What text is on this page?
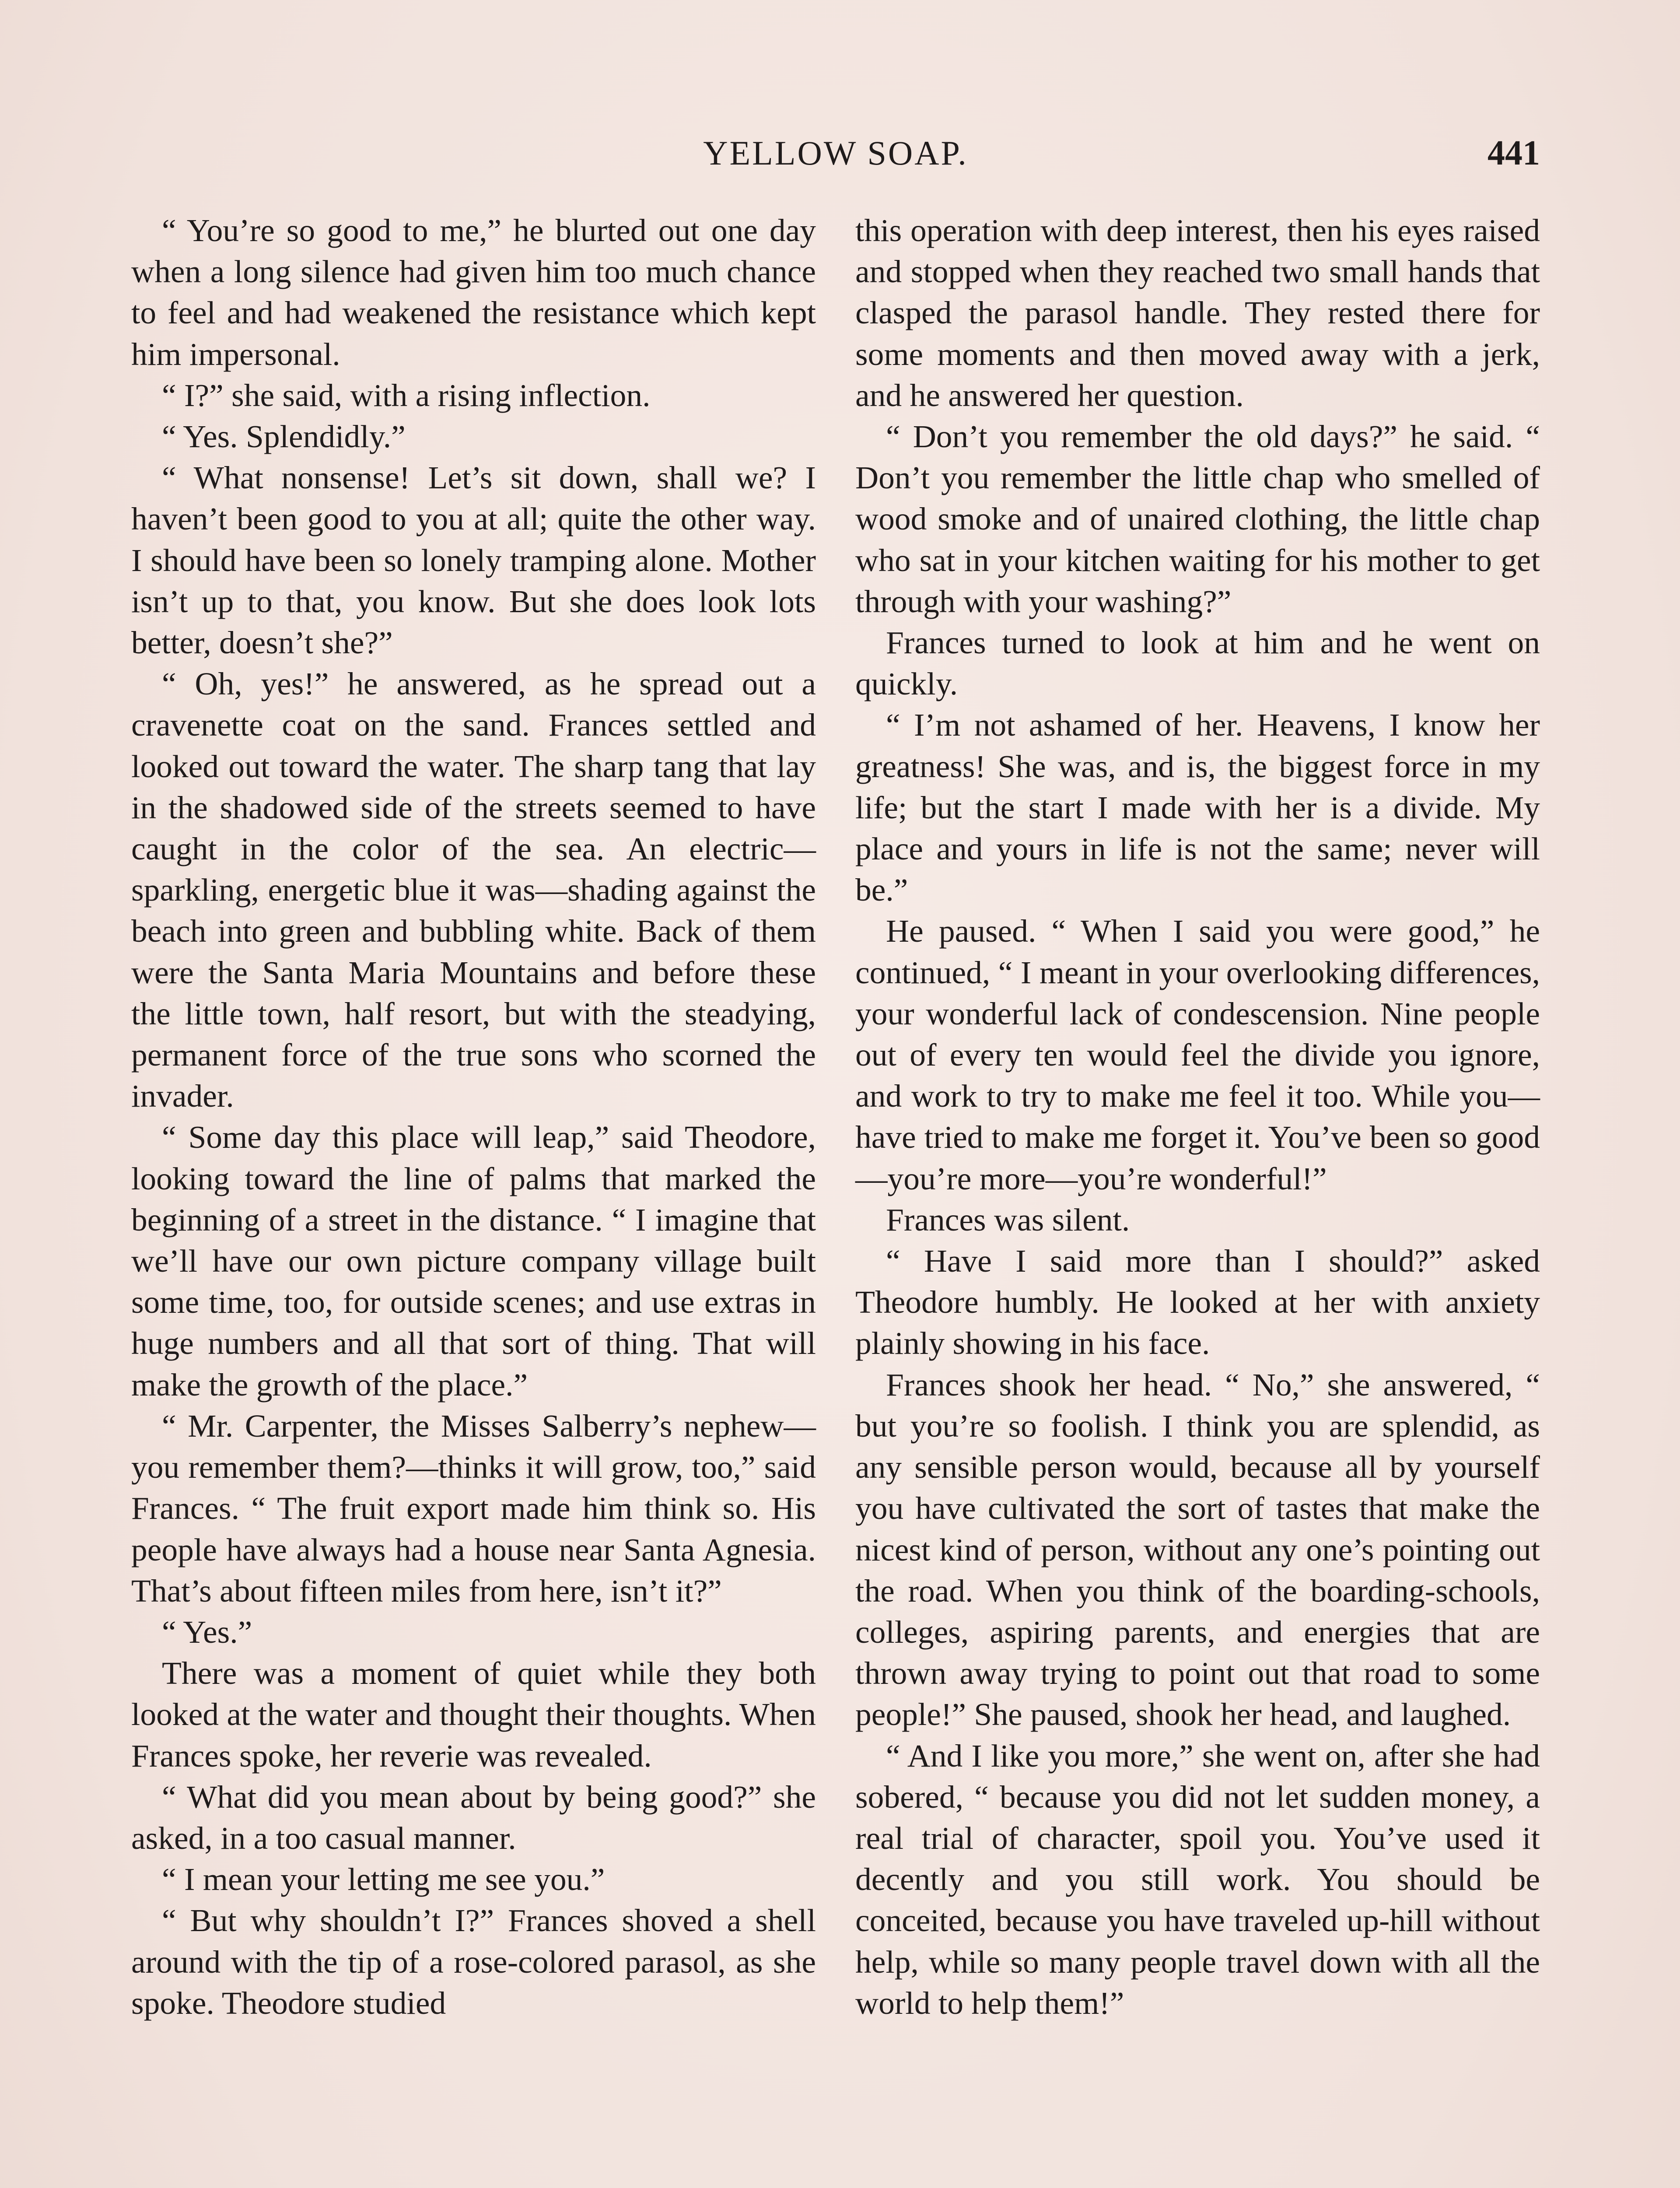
YELLOW SOAP.	441

“ You’re so good to me,” he blurted out one day when a long silence had given him too much chance to feel and had weakened the resistance which kept him impersonal.

“ I?” she said, with a rising inflection.

“ Yes. Splendidly.”

“ What nonsense! Let’s sit down, shall we? I haven’t been good to you at all; quite the other way. I should have been so lonely tramping alone. Mother isn’t up to that, you know. But she does look lots better, doesn’t she?”

“ Oh, yes!” he answered, as he spread out a cravenette coat on the sand. Frances settled and looked out toward the water. The sharp tang that lay in the shadowed side of the streets seemed to have caught in the color of the sea. An electric—sparkling, energetic blue it was—shading against the beach into green and bubbling white. Back of them were the Santa Maria Mountains and before these the little town, half resort, but with the steadying, permanent force of the true sons who scorned the invader.

“ Some day this place will leap,” said Theodore, looking toward the line of palms that marked the beginning of a street in the distance. “ I imagine that we’ll have our own picture company village built some time, too, for outside scenes; and use extras in huge numbers and all that sort of thing. That will make the growth of the place.”

“ Mr. Carpenter, the Misses Salberry’s nephew—you remember them?—thinks it will grow, too,” said Frances. “ The fruit export made him think so. His people have always had a house near Santa Agnesia. That’s about fifteen miles from here, isn’t it?”

“ Yes.”

There was a moment of quiet while they both looked at the water and thought their thoughts. When Frances spoke, her reverie was revealed.

“ What did you mean about by being good?” she asked, in a too casual manner.

“ I mean your letting me see you.”

“ But why shouldn’t I?” Frances shoved a shell around with the tip of a rose-colored parasol, as she spoke. Theodore studied

this operation with deep interest, then his eyes raised and stopped when they reached two small hands that clasped the parasol handle. They rested there for some moments and then moved away with a jerk, and he answered her question.

“ Don’t you remember the old days?” he said. “ Don’t you remember the little chap who smelled of wood smoke and of unaired clothing, the little chap who sat in your kitchen waiting for his mother to get through with your washing?”

Frances turned to look at him and he went on quickly.

“ I’m not ashamed of her. Heavens, I know her greatness! She was, and is, the biggest force in my life; but the start I made with her is a divide. My place and yours in life is not the same; never will be.”

He paused. “ When I said you were good,” he continued, “ I meant in your overlooking differences, your wonderful lack of condescension. Nine people out of every ten would feel the divide you ignore, and work to try to make me feel it too. While you—have tried to make me forget it. You’ve been so good—you’re more—you’re wonderful!”

Frances was silent.

“ Have I said more than I should?” asked Theodore humbly. He looked at her with anxiety plainly showing in his face.

Frances shook her head. “ No,” she answered, “ but you’re so foolish. I think you are splendid, as any sensible person would, because all by yourself you have cultivated the sort of tastes that make the nicest kind of person, without any one’s pointing out the road. When you think of the boarding-schools, colleges, aspiring parents, and energies that are thrown away trying to point out that road to some people!” She paused, shook her head, and laughed.

“ And I like you more,” she went on, after she had sobered, “ because you did not let sudden money, a real trial of character, spoil you. You’ve used it decently and you still work. You should be conceited, because you have traveled up-hill without help, while so many people travel down with all the world to help them!”
